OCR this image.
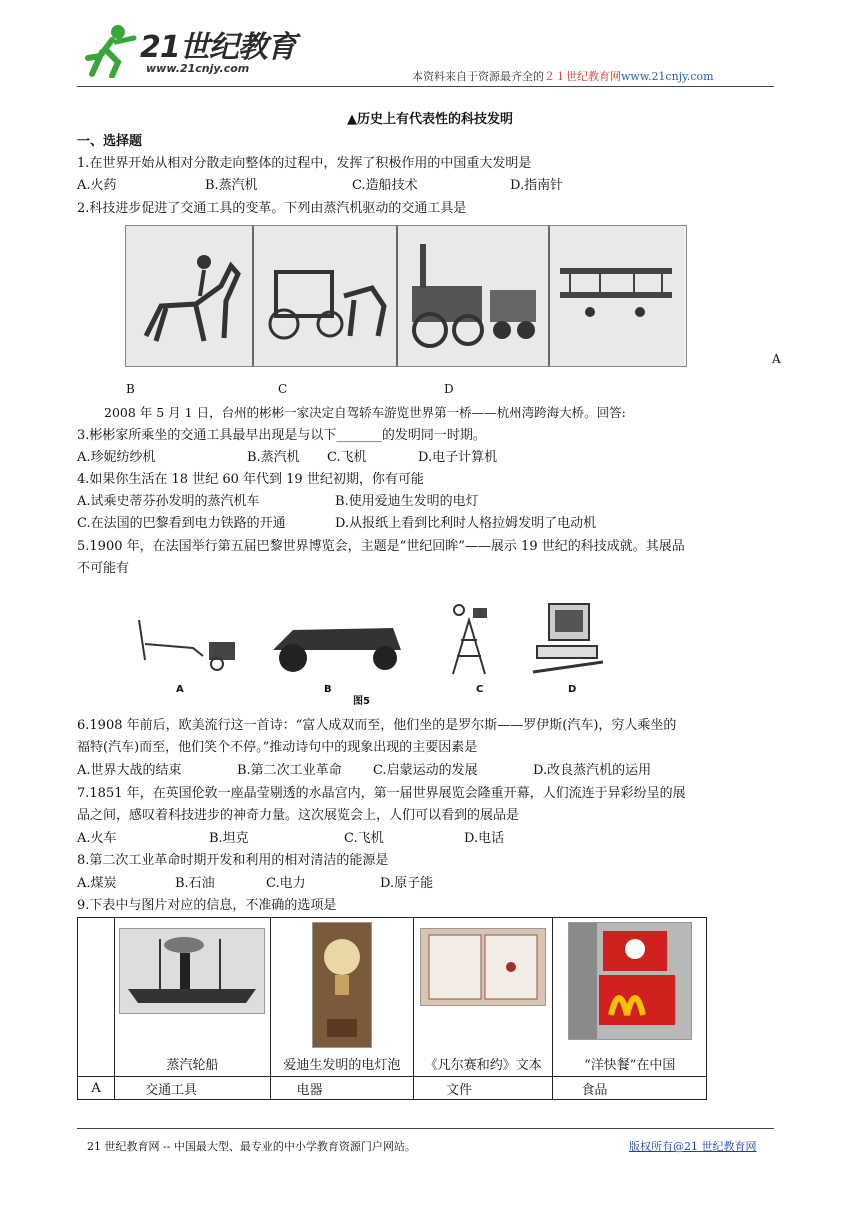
21世纪教育
www.21cnjy.com
本资料来自于资源最齐全的２１世纪教育网www.21cnjy.com
▲历史上有代表性的科技发明
一、选择题
1.在世界开始从相对分散走向整体的过程中，发挥了积极作用的中国重大发明是
A.火药	B.蒸汽机	C.造船技术	D.指南针
2.科技进步促进了交通工具的变革。下列由蒸汽机驱动的交通工具是
A
B	C	D
2008 年 5 月 1 日，台州的彬彬一家决定自驾轿车游览世界第一桥——杭州湾跨海大桥。回答:
3.彬彬家所乘坐的交通工具最早出现是与以下_______的发明同一时期。
A.珍妮纺纱机	B.蒸汽机 C.飞机	D.电子计算机
4.如果你生活在 18 世纪 60 年代到 19 世纪初期，你有可能
A.试乘史蒂芬孙发明的蒸汽机车	B.使用爱迪生发明的电灯
C.在法国的巴黎看到电力铁路的开通	D.从报纸上看到比利时人格拉姆发明了电动机
5.1900 年，在法国举行第五届巴黎世界博览会，主题是“世纪回眸”——展示 19 世纪的科技成就。其展品
不可能有
A	B
图5
C	D
6.1908 年前后，欧美流行这一首诗：“富人成双而至，他们坐的是罗尔斯——罗伊斯(汽车)，穷人乘坐的
福特(汽车)而至，他们笑个不停。”推动诗句中的现象出现的主要因素是
A.世界大战的结束	B.第二次工业革命 C.启蒙运动的发展	D.改良蒸汽机的运用
7.1851 年，在英国伦敦一座晶莹剔透的水晶宫内，第一届世界展览会隆重开幕，人们流连于异彩纷呈的展
品之间，感叹着科技进步的神奇力量。这次展览会上，人们可以看到的展品是
A.火车	B.坦克	C.飞机	D.电话
8.第二次工业革命时期开发和利用的相对清洁的能源是
A.煤炭	B.石油	C.电力	D.原子能
9.下表中与图片对应的信息，不准确的选项是

	蒸汽轮船	爱迪生发明的电灯泡	《凡尔赛和约》文本	“洋快餐”在中国

A	交通工具	电器	文件	食品
21 世纪教育网 -- 中国最大型、最专业的中小学教育资源门户网站。	版权所有@21 世纪教育网
